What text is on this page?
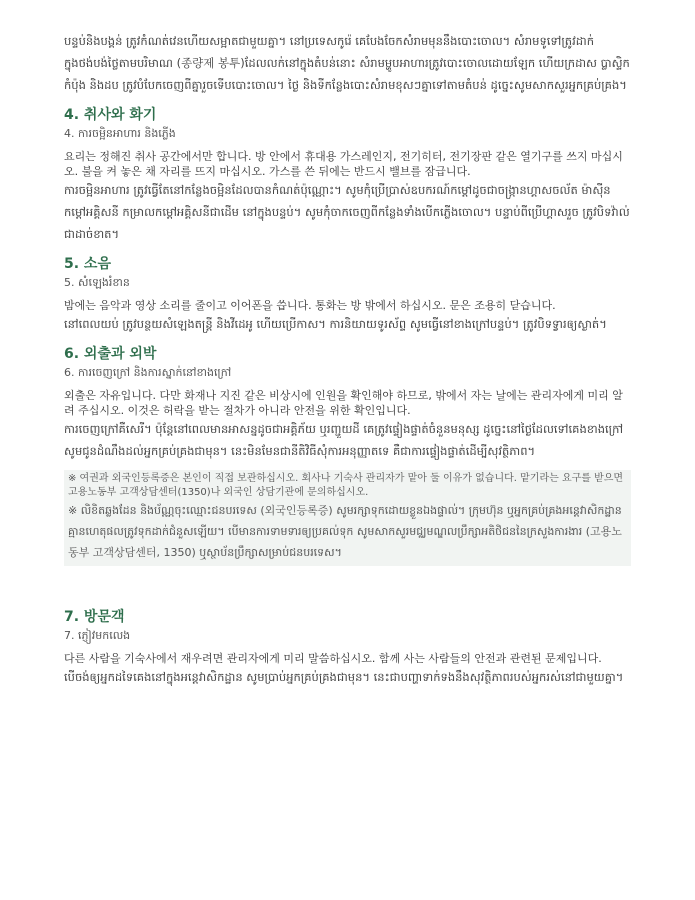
បន្ទប់និងបង្គន់ ត្រូវកំណត់វេនហើយសម្អាតជាមួយគ្នា។ នៅប្រទេសកូរ៉េ គេបែងចែកសំរាមមុននឹងបោះចោល។ សំរាមទូទៅត្រូវដាក់ក្នុងថង់បង់ថ្លៃតាមបរិមាណ (종량제 봉투)ដែលលក់នៅក្នុងតំបន់នោះ សំរាមម្ហូបអាហារត្រូវបោះចោលដោយឡែក ហើយក្រដាស ប្លាស្ទិក កំប៉ុង និងដប ត្រូវបំបែកចេញពីគ្នារួចទើបបោះចោល។ ថ្ងៃ និងទីកន្លែងបោះសំរាមខុសៗគ្នាទៅតាមតំបន់ ដូច្នេះសូមសាកសួរអ្នកគ្រប់គ្រង។

4. 취사와 화기
4. ការចម្អិនអាហារ និងភ្លើង

요리는 정해진 취사 공간에서만 합니다. 방 안에서 휴대용 가스레인지, 전기히터, 전기장판 같은 열기구를 쓰지 마십시오. 불을 켜 놓은 채 자리를 뜨지 마십시오. 가스를 쓴 뒤에는 반드시 밸브를 잠급니다.

ការចម្អិនអាហារ ត្រូវធ្វើតែនៅកន្លែងចម្អិនដែលបានកំណត់ប៉ុណ្ណោះ។ សូមកុំប្រើប្រាស់ឧបករណ៍កម្តៅដូចជាចង្ក្រានហ្គាសចល័ត ម៉ាស៊ីនកម្តៅអគ្គិសនី កម្រាលកម្តៅអគ្គិសនីជាដើម នៅក្នុងបន្ទប់។ សូមកុំចាកចេញពីកន្លែងទាំងបើកភ្លើងចោល។ បន្ទាប់ពីប្រើហ្គាសរួច ត្រូវបិទវ៉ាល់ជាដាច់ខាត។

5. 소음
5. សំឡេងរំខាន

밤에는 음악과 영상 소리를 줄이고 이어폰을 씁니다. 통화는 방 밖에서 하십시오. 문은 조용히 닫습니다.

នៅពេលយប់ ត្រូវបន្ថយសំឡេងតន្ត្រី និងវីដេអូ ហើយប្រើកាស។ ការនិយាយទូរស័ព្ទ សូមធ្វើនៅខាងក្រៅបន្ទប់។ ត្រូវបិទទ្វារឲ្យស្ងាត់។

6. 외출과 외박
6. ការចេញក្រៅ និងការស្នាក់នៅខាងក្រៅ

외출은 자유입니다. 다만 화재나 지진 같은 비상시에 인원을 확인해야 하므로, 밖에서 자는 날에는 관리자에게 미리 알려 주십시오. 이것은 허락을 받는 절차가 아니라 안전을 위한 확인입니다.

ការចេញក្រៅគឺសេរី។ ប៉ុន្តែនៅពេលមានអាសន្នដូចជាអគ្គិភ័យ ឬរញ្ជួយដី គេត្រូវផ្ទៀងផ្ទាត់ចំនួនមនុស្ស ដូច្នេះនៅថ្ងៃដែលទៅគេងខាងក្រៅ សូមជូនដំណឹងដល់អ្នកគ្រប់គ្រងជាមុន។ នេះមិនមែនជានីតិវិធីសុំការអនុញ្ញាតទេ គឺជាការផ្ទៀងផ្ទាត់ដើម្បីសុវត្ថិភាព។

※ 여권과 외국인등록증은 본인이 직접 보관하십시오. 회사나 기숙사 관리자가 맡아 둘 이유가 없습니다. 맡기라는 요구를 받으면 고용노동부 고객상담센터(1350)나 외국인 상담기관에 문의하십시오.

※ លិខិតឆ្លងដែន និងប័ណ្ណចុះឈ្មោះជនបរទេស (외국인등록증) សូមរក្សាទុកដោយខ្លួនឯងផ្ទាល់។ ក្រុមហ៊ុន ឬអ្នកគ្រប់គ្រងអន្តេវាសិកដ្ឋាន គ្មានហេតុផលត្រូវទុកដាក់ជំនួសឡើយ។ បើមានការទាមទារឲ្យប្រគល់ទុក សូមសាកសួរមជ្ឈមណ្ឌលប្រឹក្សាអតិថិជននៃក្រសួងការងារ (고용노동부 고객상담센터, 1350) ឬស្ថាប័នប្រឹក្សាសម្រាប់ជនបរទេស។

7. 방문객
7. ភ្ញៀវមកលេង

다른 사람을 기숙사에서 재우려면 관리자에게 미리 말씀하십시오. 함께 사는 사람들의 안전과 관련된 문제입니다.

បើចង់ឲ្យអ្នកដទៃគេងនៅក្នុងអន្តេវាសិកដ្ឋាន សូមប្រាប់អ្នកគ្រប់គ្រងជាមុន។ នេះជាបញ្ហាទាក់ទងនឹងសុវត្ថិភាពរបស់អ្នករស់នៅជាមួយគ្នា។
